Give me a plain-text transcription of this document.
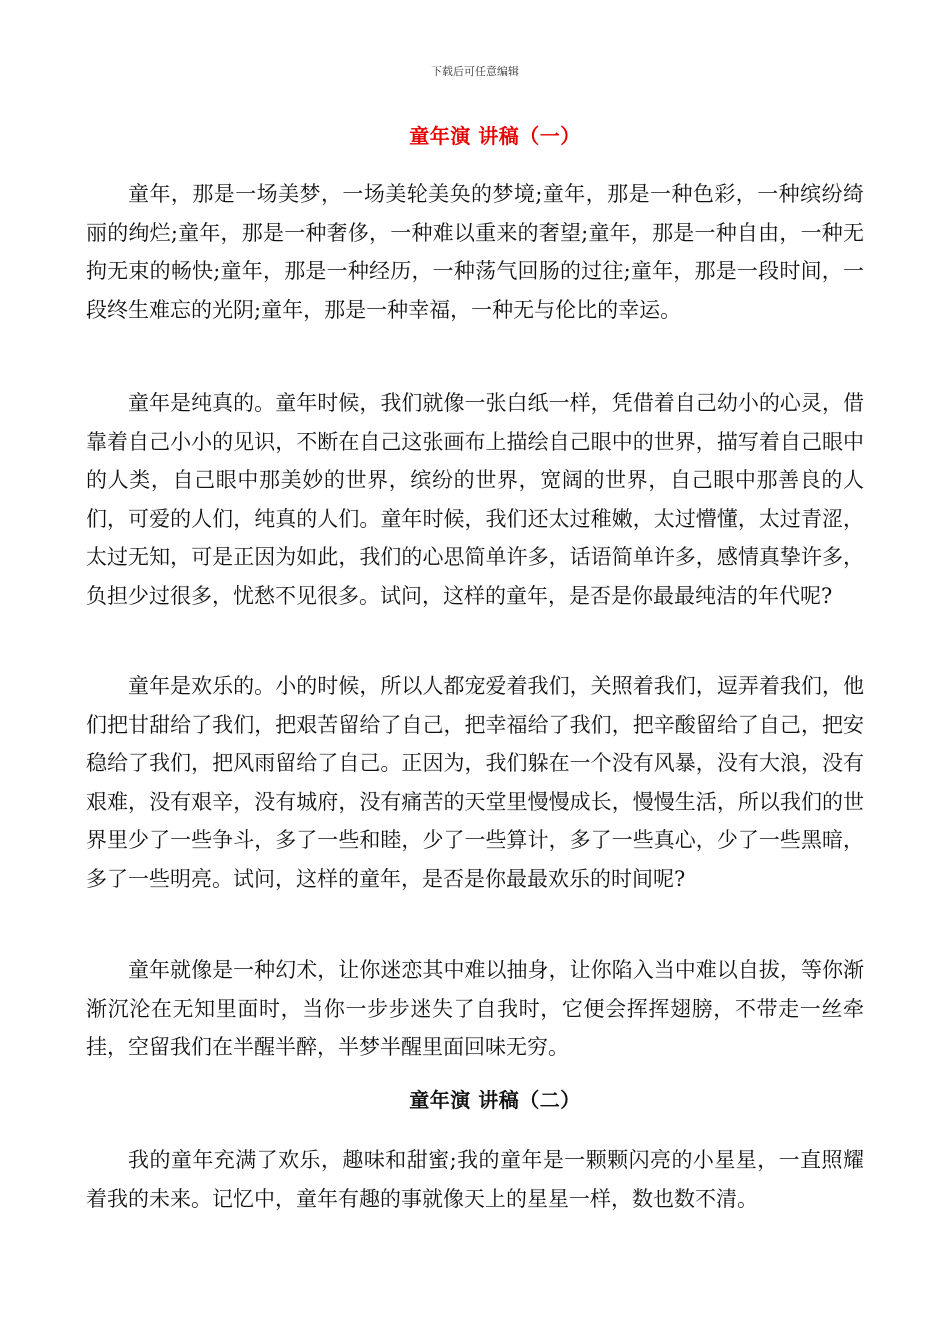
下载后可任意编辑
童年演 讲稿（一）

童年，那是一场美梦，一场美轮美奂的梦境;童年，那是一种色彩，一种缤纷绮丽的绚烂;童年，那是一种奢侈，一种难以重来的奢望;童年，那是一种自由，一种无拘无束的畅快;童年，那是一种经历，一种荡气回肠的过往;童年，那是一段时间，一段终生难忘的光阴;童年，那是一种幸福，一种无与伦比的幸运。

童年是纯真的。童年时候，我们就像一张白纸一样，凭借着自己幼小的心灵，借靠着自己小小的见识，不断在自己这张画布上描绘自己眼中的世界，描写着自己眼中的人类，自己眼中那美妙的世界，缤纷的世界，宽阔的世界，自己眼中那善良的人们，可爱的人们，纯真的人们。童年时候，我们还太过稚嫩，太过懵懂，太过青涩，太过无知，可是正因为如此，我们的心思简单许多，话语简单许多，感情真挚许多，负担少过很多，忧愁不见很多。试问，这样的童年，是否是你最最纯洁的年代呢?

童年是欢乐的。小的时候，所以人都宠爱着我们，关照着我们，逗弄着我们，他们把甘甜给了我们，把艰苦留给了自己，把幸福给了我们，把辛酸留给了自己，把安稳给了我们，把风雨留给了自己。正因为，我们躲在一个没有风暴，没有大浪，没有艰难，没有艰辛，没有城府，没有痛苦的天堂里慢慢成长，慢慢生活，所以我们的世界里少了一些争斗，多了一些和睦，少了一些算计，多了一些真心，少了一些黑暗，多了一些明亮。试问，这样的童年，是否是你最最欢乐的时间呢?

童年就像是一种幻术，让你迷恋其中难以抽身，让你陷入当中难以自拔，等你渐渐沉沦在无知里面时，当你一步步迷失了自我时，它便会挥挥翅膀，不带走一丝牵挂，空留我们在半醒半醉，半梦半醒里面回味无穷。

童年演 讲稿（二）

我的童年充满了欢乐，趣味和甜蜜;我的童年是一颗颗闪亮的小星星，一直照耀着我的未来。记忆中，童年有趣的事就像天上的星星一样，数也数不清。
